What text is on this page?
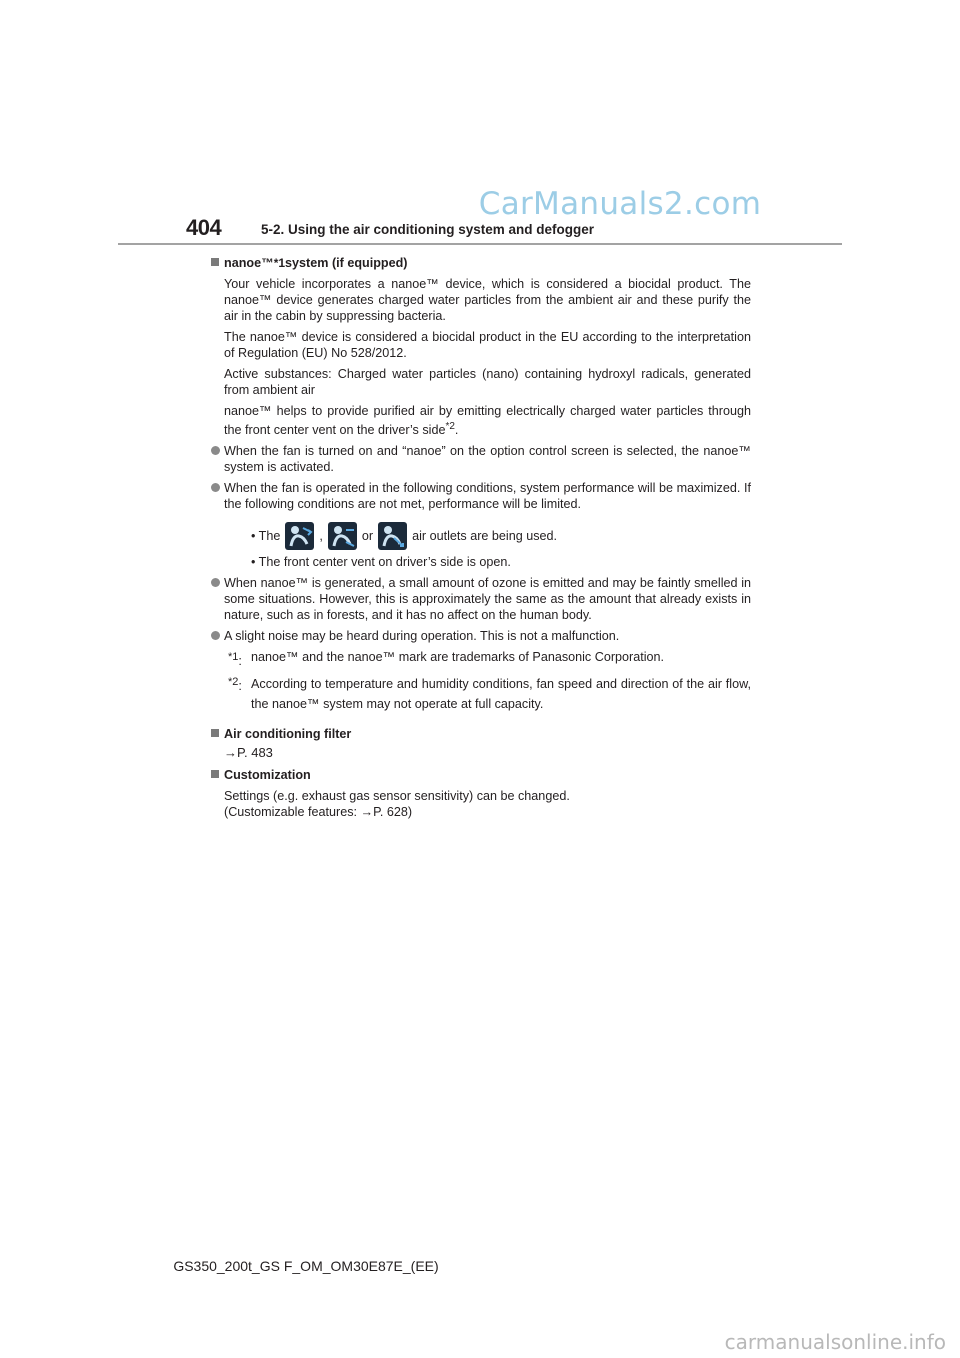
CarManuals2.com
404	5-2. Using the air conditioning system and defogger
nanoe™ *1 system (if equipped)

Your vehicle incorporates a nanoe™ device, which is considered a biocidal product. The nanoe™ device generates charged water particles from the ambient air and these purify the air in the cabin by suppressing bacteria.

The nanoe™ device is considered a biocidal product in the EU according to the interpretation of Regulation (EU) No 528/2012.

Active substances: Charged water particles (nano) containing hydroxyl radicals, generated from ambient air

nanoe™ helps to provide purified air by emitting electrically charged water particles through the front center vent on the driver’s side$^{*2}$.

When the fan is turned on and “nanoe” on the option control screen is selected, the nanoe™ system is activated.
When the fan is operated in the following conditions, system performance will be maximized. If the following conditions are not met, performance will be limited.
• The	,	or	air outlets are being used.

• The front center vent on driver’s side is open.

When nanoe™ is generated, a small amount of ozone is emitted and may be faintly smelled in some situations. However, this is approximately the same as the amount that already exists in nature, such as in forests, and it has no affect on the human body.
A slight noise may be heard during operation. This is not a malfunction.
$^{*1}$: nanoe™ and the nanoe™ mark are trademarks of Panasonic Corporation.
$^{*2}$: According to temperature and humidity conditions, fan speed and direction of the air flow, the nanoe™ system may not operate at full capacity.
Air conditioning filter

→P. 483

Customization

Settings (e.g. exhaust gas sensor sensitivity) can be changed.

(Customizable features: →P. 628)

GS350_200t_GS F_OM_OM30E87E_(EE)
carmanualsonline.info
